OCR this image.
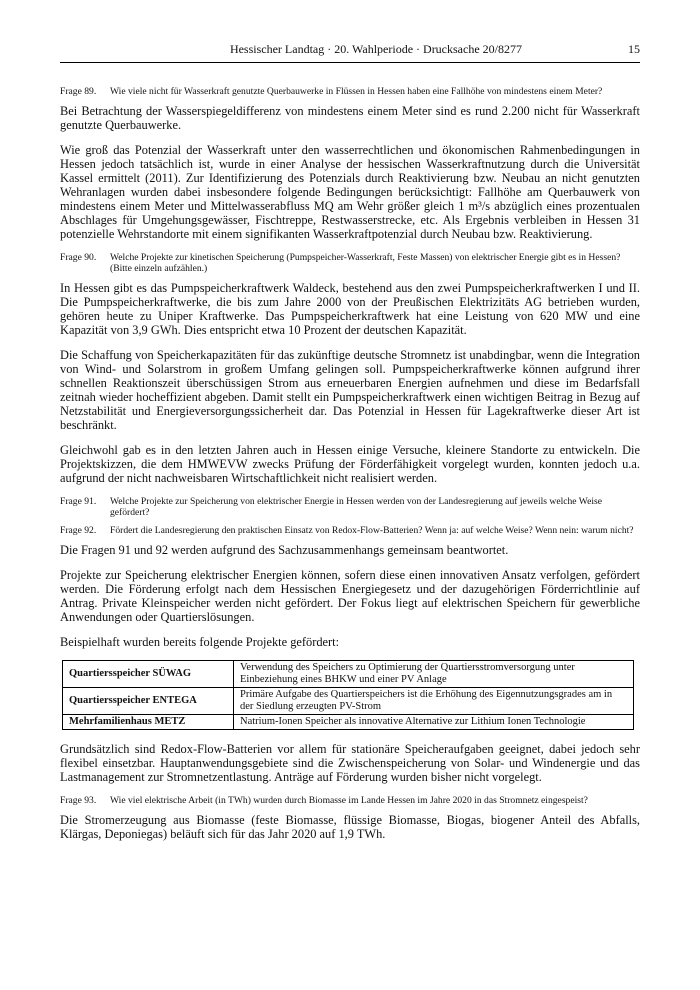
Hessischer Landtag · 20. Wahlperiode · Drucksache 20/8277	15
Frage 89. Wie viele nicht für Wasserkraft genutzte Querbauwerke in Flüssen in Hessen haben eine Fallhöhe von mindestens einem Meter?

Bei Betrachtung der Wasserspiegeldifferenz von mindestens einem Meter sind es rund 2.200 nicht für Wasserkraft genutzte Querbauwerke.

Wie groß das Potenzial der Wasserkraft unter den wasserrechtlichen und ökonomischen Rahmenbedingungen in Hessen jedoch tatsächlich ist, wurde in einer Analyse der hessischen Wasserkraftnutzung durch die Universität Kassel ermittelt (2011). Zur Identifizierung des Potenzials durch Reaktivierung bzw. Neubau an nicht genutzten Wehranlagen wurden dabei insbesondere folgende Bedingungen berücksichtigt: Fallhöhe am Querbauwerk von mindestens einem Meter und Mittelwasserabfluss MQ am Wehr größer gleich 1 m³/s abzüglich eines prozentualen Abschlages für Umgehungsgewässer, Fischtreppe, Restwasserstrecke, etc. Als Ergebnis verbleiben in Hessen 31 potenzielle Wehrstandorte mit einem signifikanten Wasserkraftpotenzial durch Neubau bzw. Reaktivierung.

Frage 90. Welche Projekte zur kinetischen Speicherung (Pumpspeicher-Wasserkraft, Feste Massen) von elektrischer Energie gibt es in Hessen? (Bitte einzeln aufzählen.)

In Hessen gibt es das Pumpspeicherkraftwerk Waldeck, bestehend aus den zwei Pumpspeicherkraftwerken I und II. Die Pumpspeicherkraftwerke, die bis zum Jahre 2000 von der Preußischen Elektrizitäts AG betrieben wurden, gehören heute zu Uniper Kraftwerke. Das Pumpspeicherkraftwerk hat eine Leistung von 620 MW und eine Kapazität von 3,9 GWh. Dies entspricht etwa 10 Prozent der deutschen Kapazität.

Die Schaffung von Speicherkapazitäten für das zukünftige deutsche Stromnetz ist unabdingbar, wenn die Integration von Wind- und Solarstrom in großem Umfang gelingen soll. Pumpspeicherkraftwerke können aufgrund ihrer schnellen Reaktionszeit überschüssigen Strom aus erneuerbaren Energien aufnehmen und diese im Bedarfsfall zeitnah wieder hocheffizient abgeben. Damit stellt ein Pumpspeicherkraftwerk einen wichtigen Beitrag in Bezug auf Netzstabilität und Energieversorgungssicherheit dar. Das Potenzial in Hessen für Lagekraftwerke dieser Art ist beschränkt.

Gleichwohl gab es in den letzten Jahren auch in Hessen einige Versuche, kleinere Standorte zu entwickeln. Die Projektskizzen, die dem HMWEVW zwecks Prüfung der Förderfähigkeit vorgelegt wurden, konnten jedoch u.a. aufgrund der nicht nachweisbaren Wirtschaftlichkeit nicht realisiert werden.

Frage 91. Welche Projekte zur Speicherung von elektrischer Energie in Hessen werden von der Landesregierung auf jeweils welche Weise gefördert?
Frage 92. Fördert die Landesregierung den praktischen Einsatz von Redox-Flow-Batterien? Wenn ja: auf welche Weise? Wenn nein: warum nicht?

Die Fragen 91 und 92 werden aufgrund des Sachzusammenhangs gemeinsam beantwortet.

Projekte zur Speicherung elektrischer Energien können, sofern diese einen innovativen Ansatz verfolgen, gefördert werden. Die Förderung erfolgt nach dem Hessischen Energiegesetz und der dazugehörigen Förderrichtlinie auf Antrag. Private Kleinspeicher werden nicht gefördert. Der Fokus liegt auf elektrischen Speichern für gewerbliche Anwendungen oder Quartierslösungen.

Beispielhaft wurden bereits folgende Projekte gefördert:

Quartiersspeicher SÜWAG	Verwendung des Speichers zu Optimierung der Quartiersstromversorgung unter Einbeziehung eines BHKW und einer PV Anlage
Quartiersspeicher ENTEGA	Primäre Aufgabe des Quartierspeichers ist die Erhöhung des Eigennutzungsgrades am in der Siedlung erzeugten PV-Strom
Mehrfamilienhaus METZ	Natrium-Ionen Speicher als innovative Alternative zur Lithium Ionen Technologie

Grundsätzlich sind Redox-Flow-Batterien vor allem für stationäre Speicheraufgaben geeignet, dabei jedoch sehr flexibel einsetzbar. Hauptanwendungsgebiete sind die Zwischenspeicherung von Solar- und Windenergie und das Lastmanagement zur Stromnetzentlastung. Anträge auf Förderung wurden bisher nicht vorgelegt.

Frage 93. Wie viel elektrische Arbeit (in TWh) wurden durch Biomasse im Lande Hessen im Jahre 2020 in das Stromnetz eingespeist?

Die Stromerzeugung aus Biomasse (feste Biomasse, flüssige Biomasse, Biogas, biogener Anteil des Abfalls, Klärgas, Deponiegas) beläuft sich für das Jahr 2020 auf 1,9 TWh.
